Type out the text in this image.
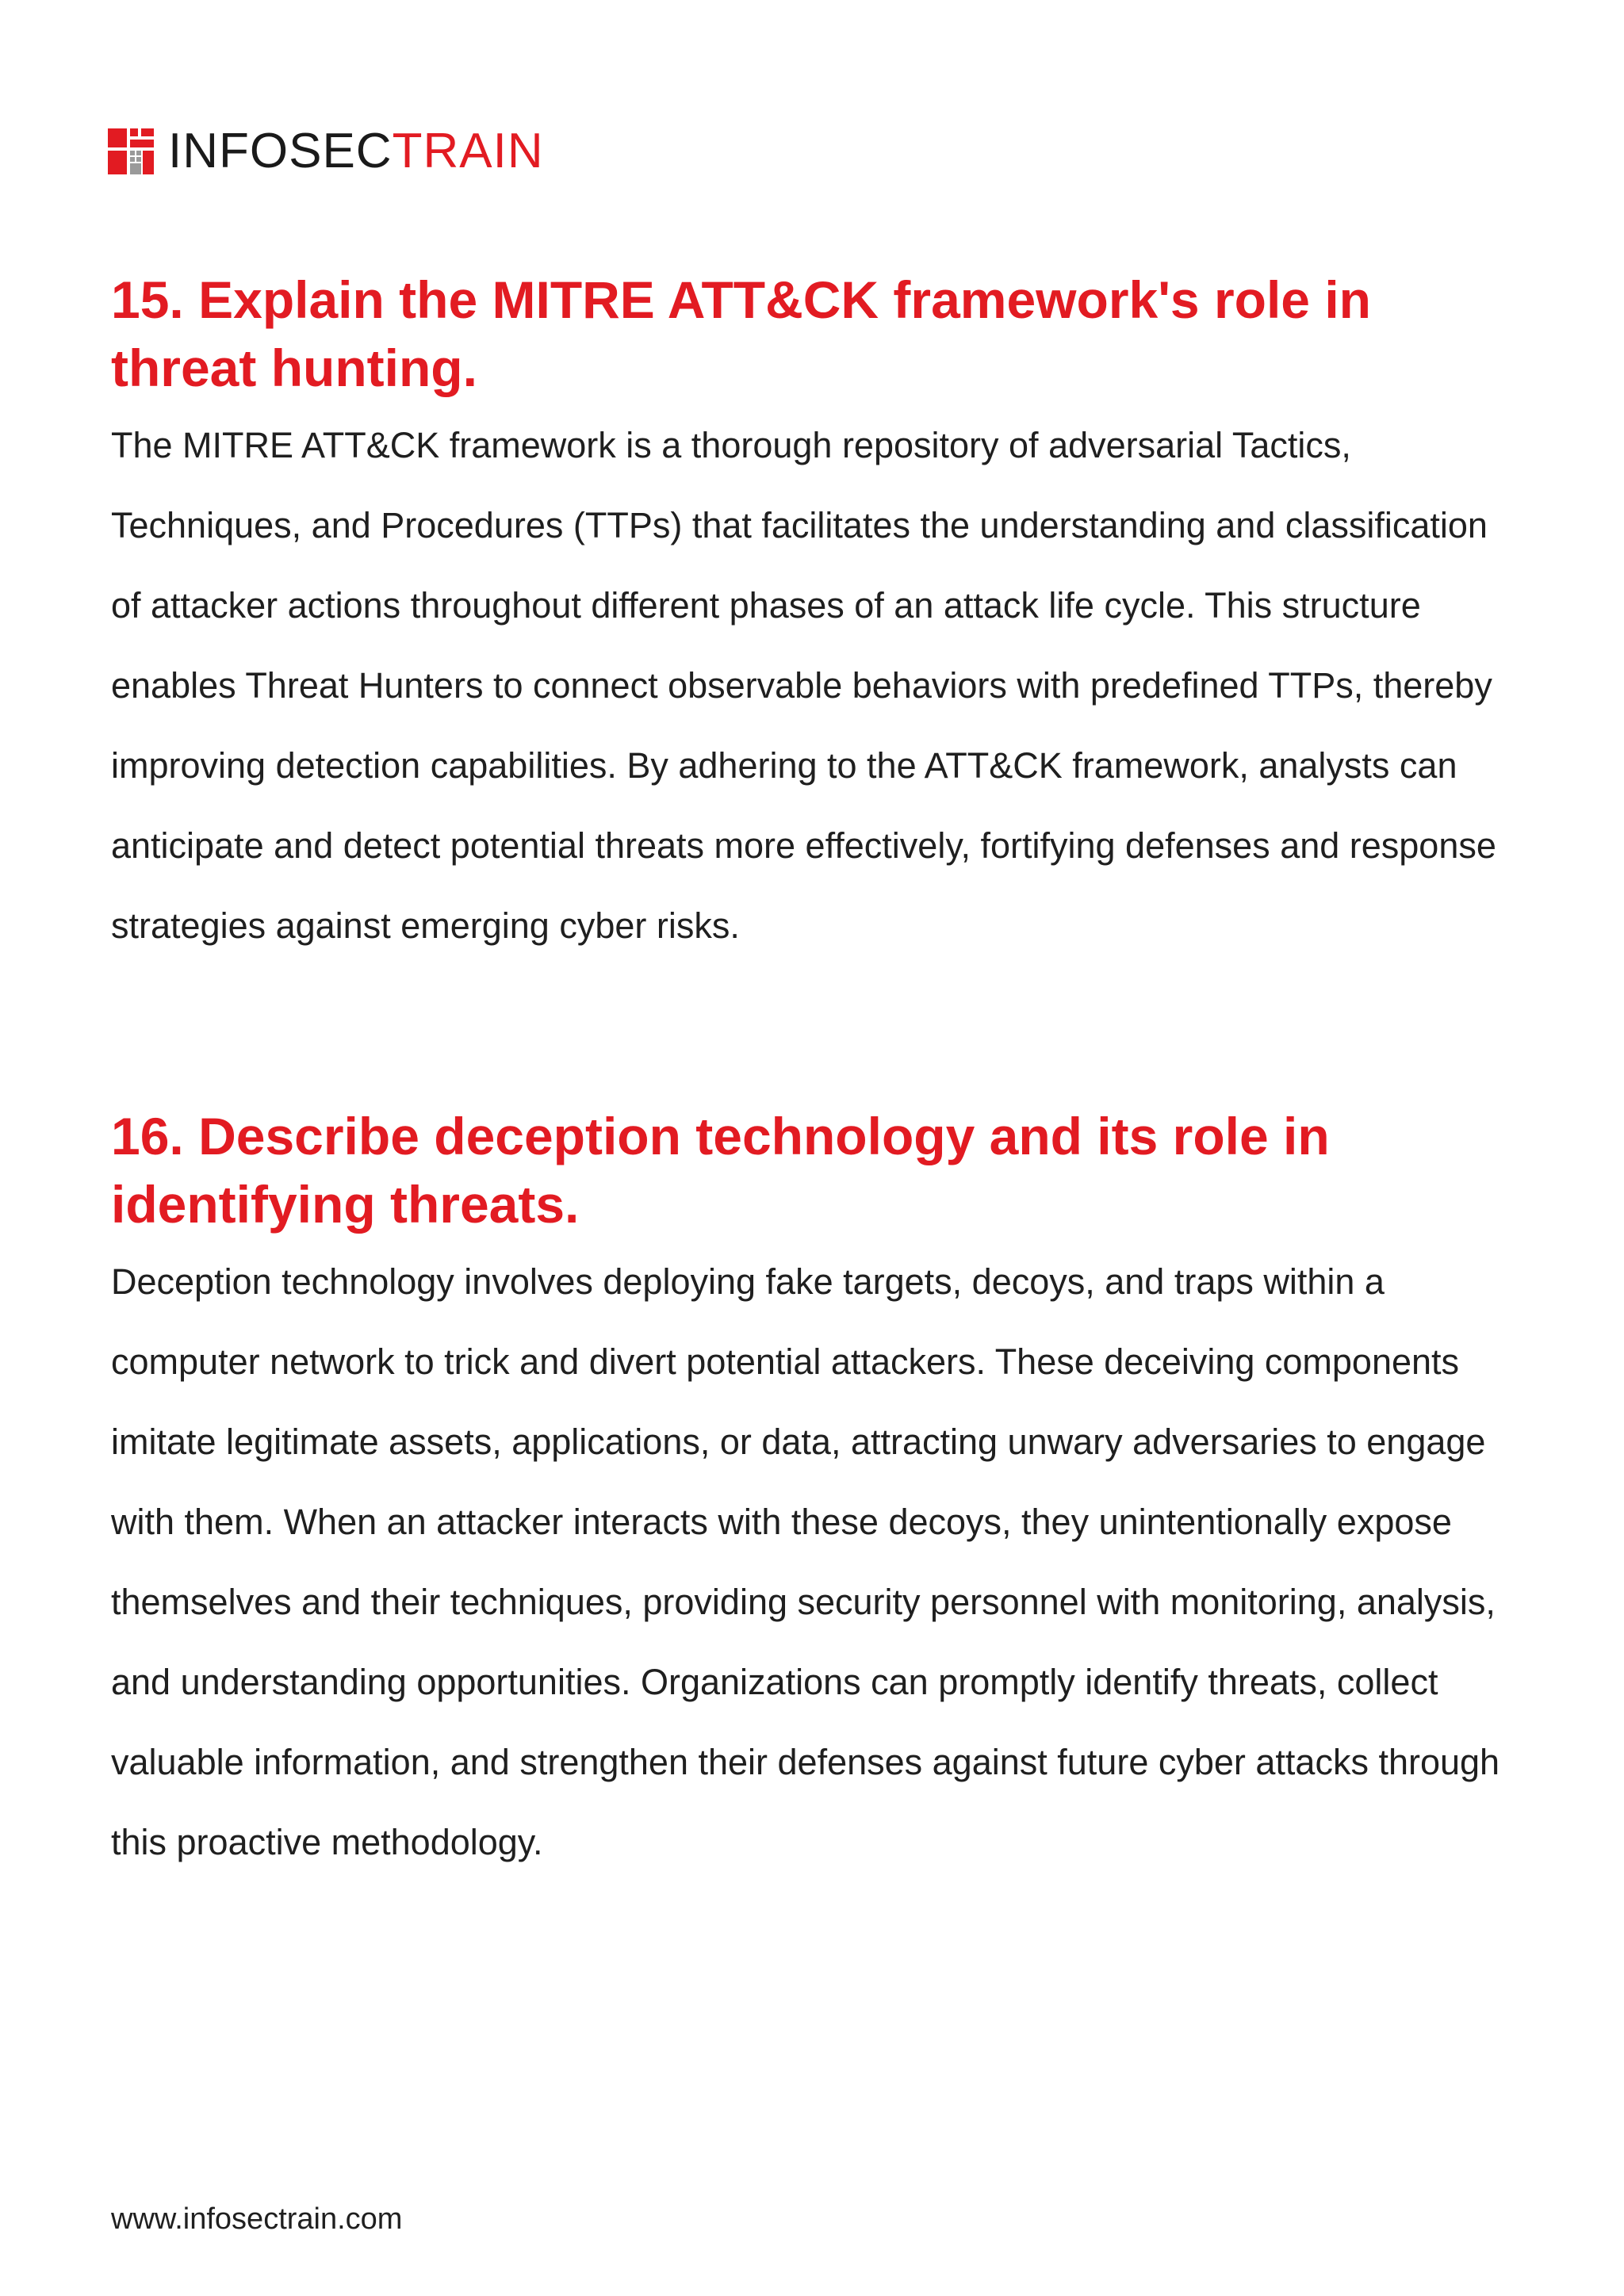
INFOSECTRAIN
15. Explain the MITRE ATT&CK framework's role in threat hunting.

The MITRE ATT&CK framework is a thorough repository of adversarial Tactics, Techniques, and Procedures (TTPs) that facilitates the understanding and classification of attacker actions throughout different phases of an attack life cycle. This structure enables Threat Hunters to connect observable behaviors with predefined TTPs, thereby improving detection capabilities. By adhering to the ATT&CK framework, analysts can anticipate and detect potential threats more effectively, fortifying defenses and response strategies against emerging cyber risks.

16. Describe deception technology and its role in identifying threats.

Deception technology involves deploying fake targets, decoys, and traps within a computer network to trick and divert potential attackers. These deceiving components imitate legitimate assets, applications, or data, attracting unwary adversaries to engage with them. When an attacker interacts with these decoys, they unintentionally expose themselves and their techniques, providing security personnel with monitoring, analysis, and understanding opportunities. Organizations can promptly identify threats, collect valuable information, and strengthen their defenses against future cyber attacks through this proactive methodology.

www.infosectrain.com
